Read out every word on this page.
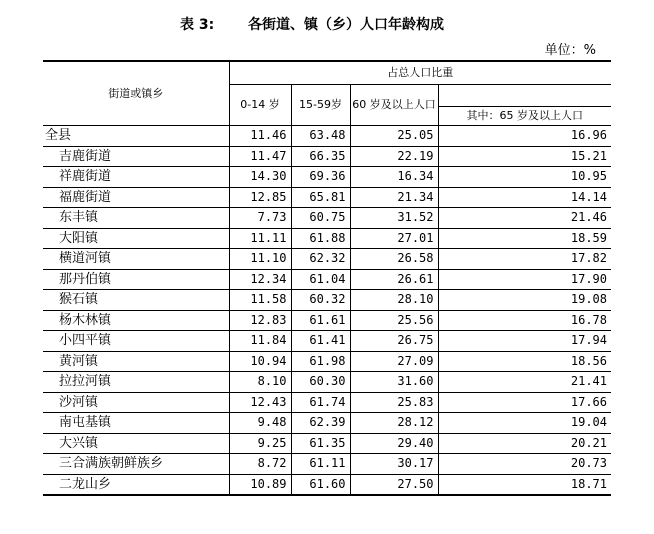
表 3: 各街道、镇（乡）人口年龄构成
单位：%
街道或镇乡	占总人口比重			
	0-14 岁	15-59岁	60 岁及以上人口	
				其中：65 岁及以上人口
全县	11.46	63.48	25.05	16.96
吉鹿街道	11.47	66.35	22.19	15.21
祥鹿街道	14.30	69.36	16.34	10.95
福鹿街道	12.85	65.81	21.34	14.14
东丰镇	7.73	60.75	31.52	21.46
大阳镇	11.11	61.88	27.01	18.59
横道河镇	11.10	62.32	26.58	17.82
那丹伯镇	12.34	61.04	26.61	17.90
猴石镇	11.58	60.32	28.10	19.08
杨木林镇	12.83	61.61	25.56	16.78
小四平镇	11.84	61.41	26.75	17.94
黄河镇	10.94	61.98	27.09	18.56
拉拉河镇	8.10	60.30	31.60	21.41
沙河镇	12.43	61.74	25.83	17.66
南屯基镇	9.48	62.39	28.12	19.04
大兴镇	9.25	61.35	29.40	20.21
三合满族朝鲜族乡	8.72	61.11	30.17	20.73
二龙山乡	10.89	61.60	27.50	18.71
